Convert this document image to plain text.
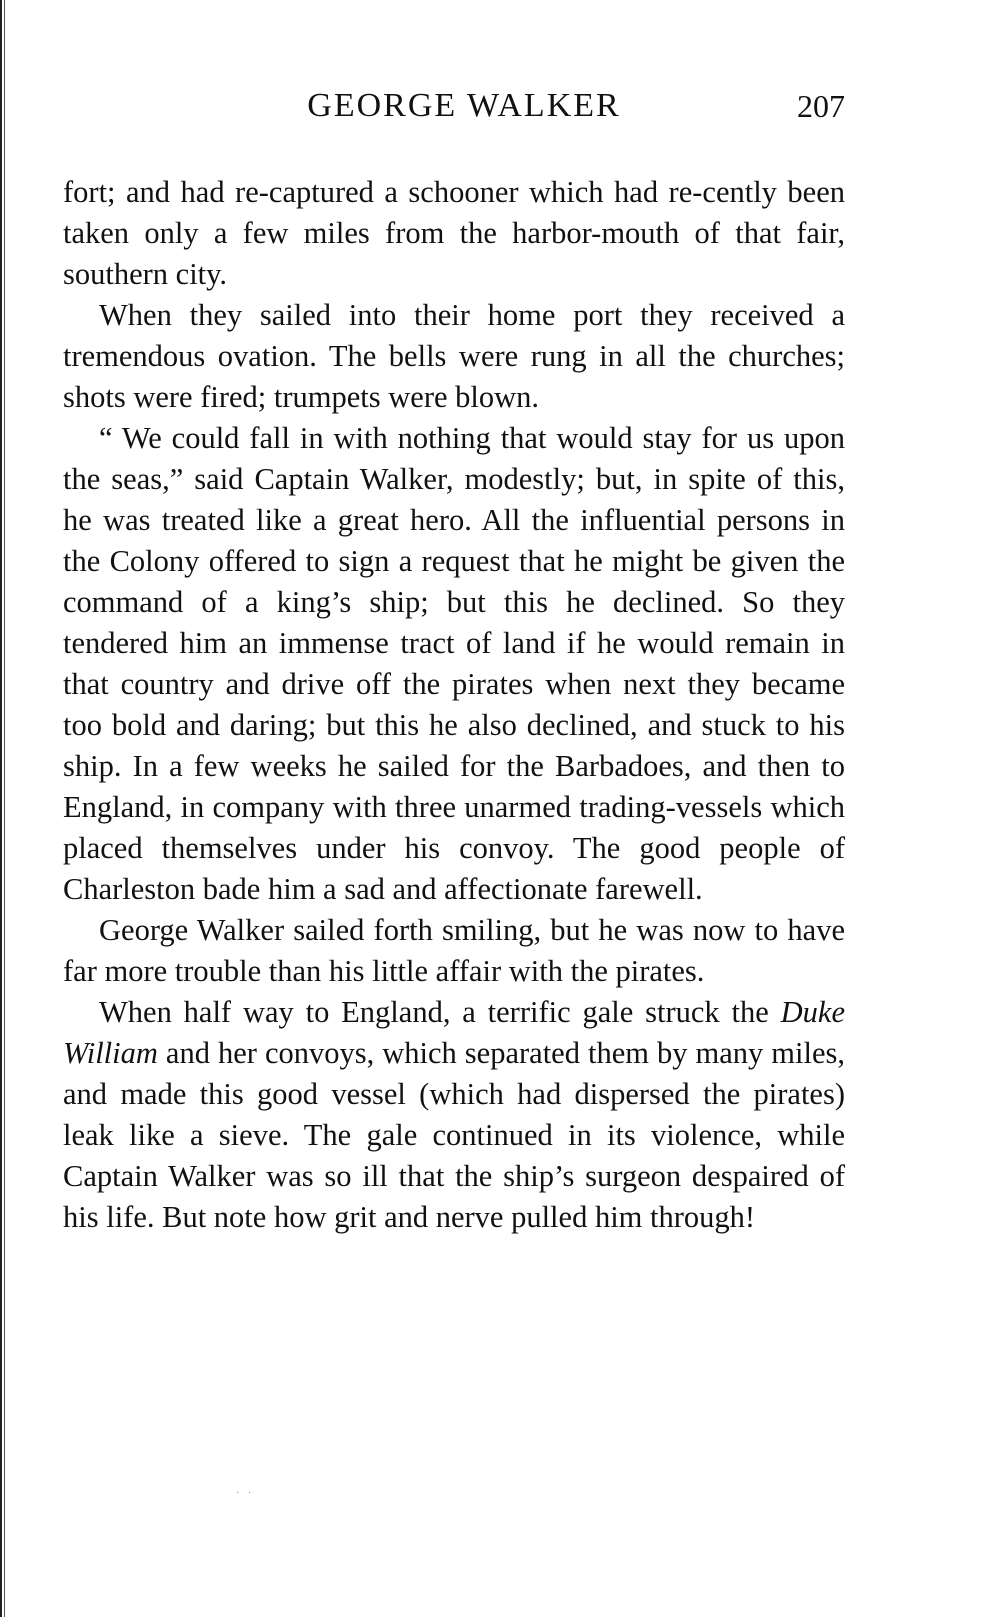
GEORGE WALKER	207

fort; and had re-captured a schooner which had re-cently been taken only a few miles from the harbor-mouth of that fair, southern city.

When they sailed into their home port they received a tremendous ovation. The bells were rung in all the churches; shots were fired; trumpets were blown.

“ We could fall in with nothing that would stay for us upon the seas,” said Captain Walker, modestly; but, in spite of this, he was treated like a great hero. All the influential persons in the Colony offered to sign a request that he might be given the command of a king’s ship; but this he declined. So they tendered him an immense tract of land if he would remain in that country and drive off the pirates when next they became too bold and daring; but this he also declined, and stuck to his ship. In a few weeks he sailed for the Barbadoes, and then to England, in company with three unarmed trading-vessels which placed themselves under his convoy. The good people of Charleston bade him a sad and affectionate farewell.

George Walker sailed forth smiling, but he was now to have far more trouble than his little affair with the pirates.

When half way to England, a terrific gale struck the Duke William and her convoys, which separated them by many miles, and made this good vessel (which had dispersed the pirates) leak like a sieve. The gale continued in its violence, while Captain Walker was so ill that the ship’s surgeon despaired of his life. But note how grit and nerve pulled him through!

· ·
